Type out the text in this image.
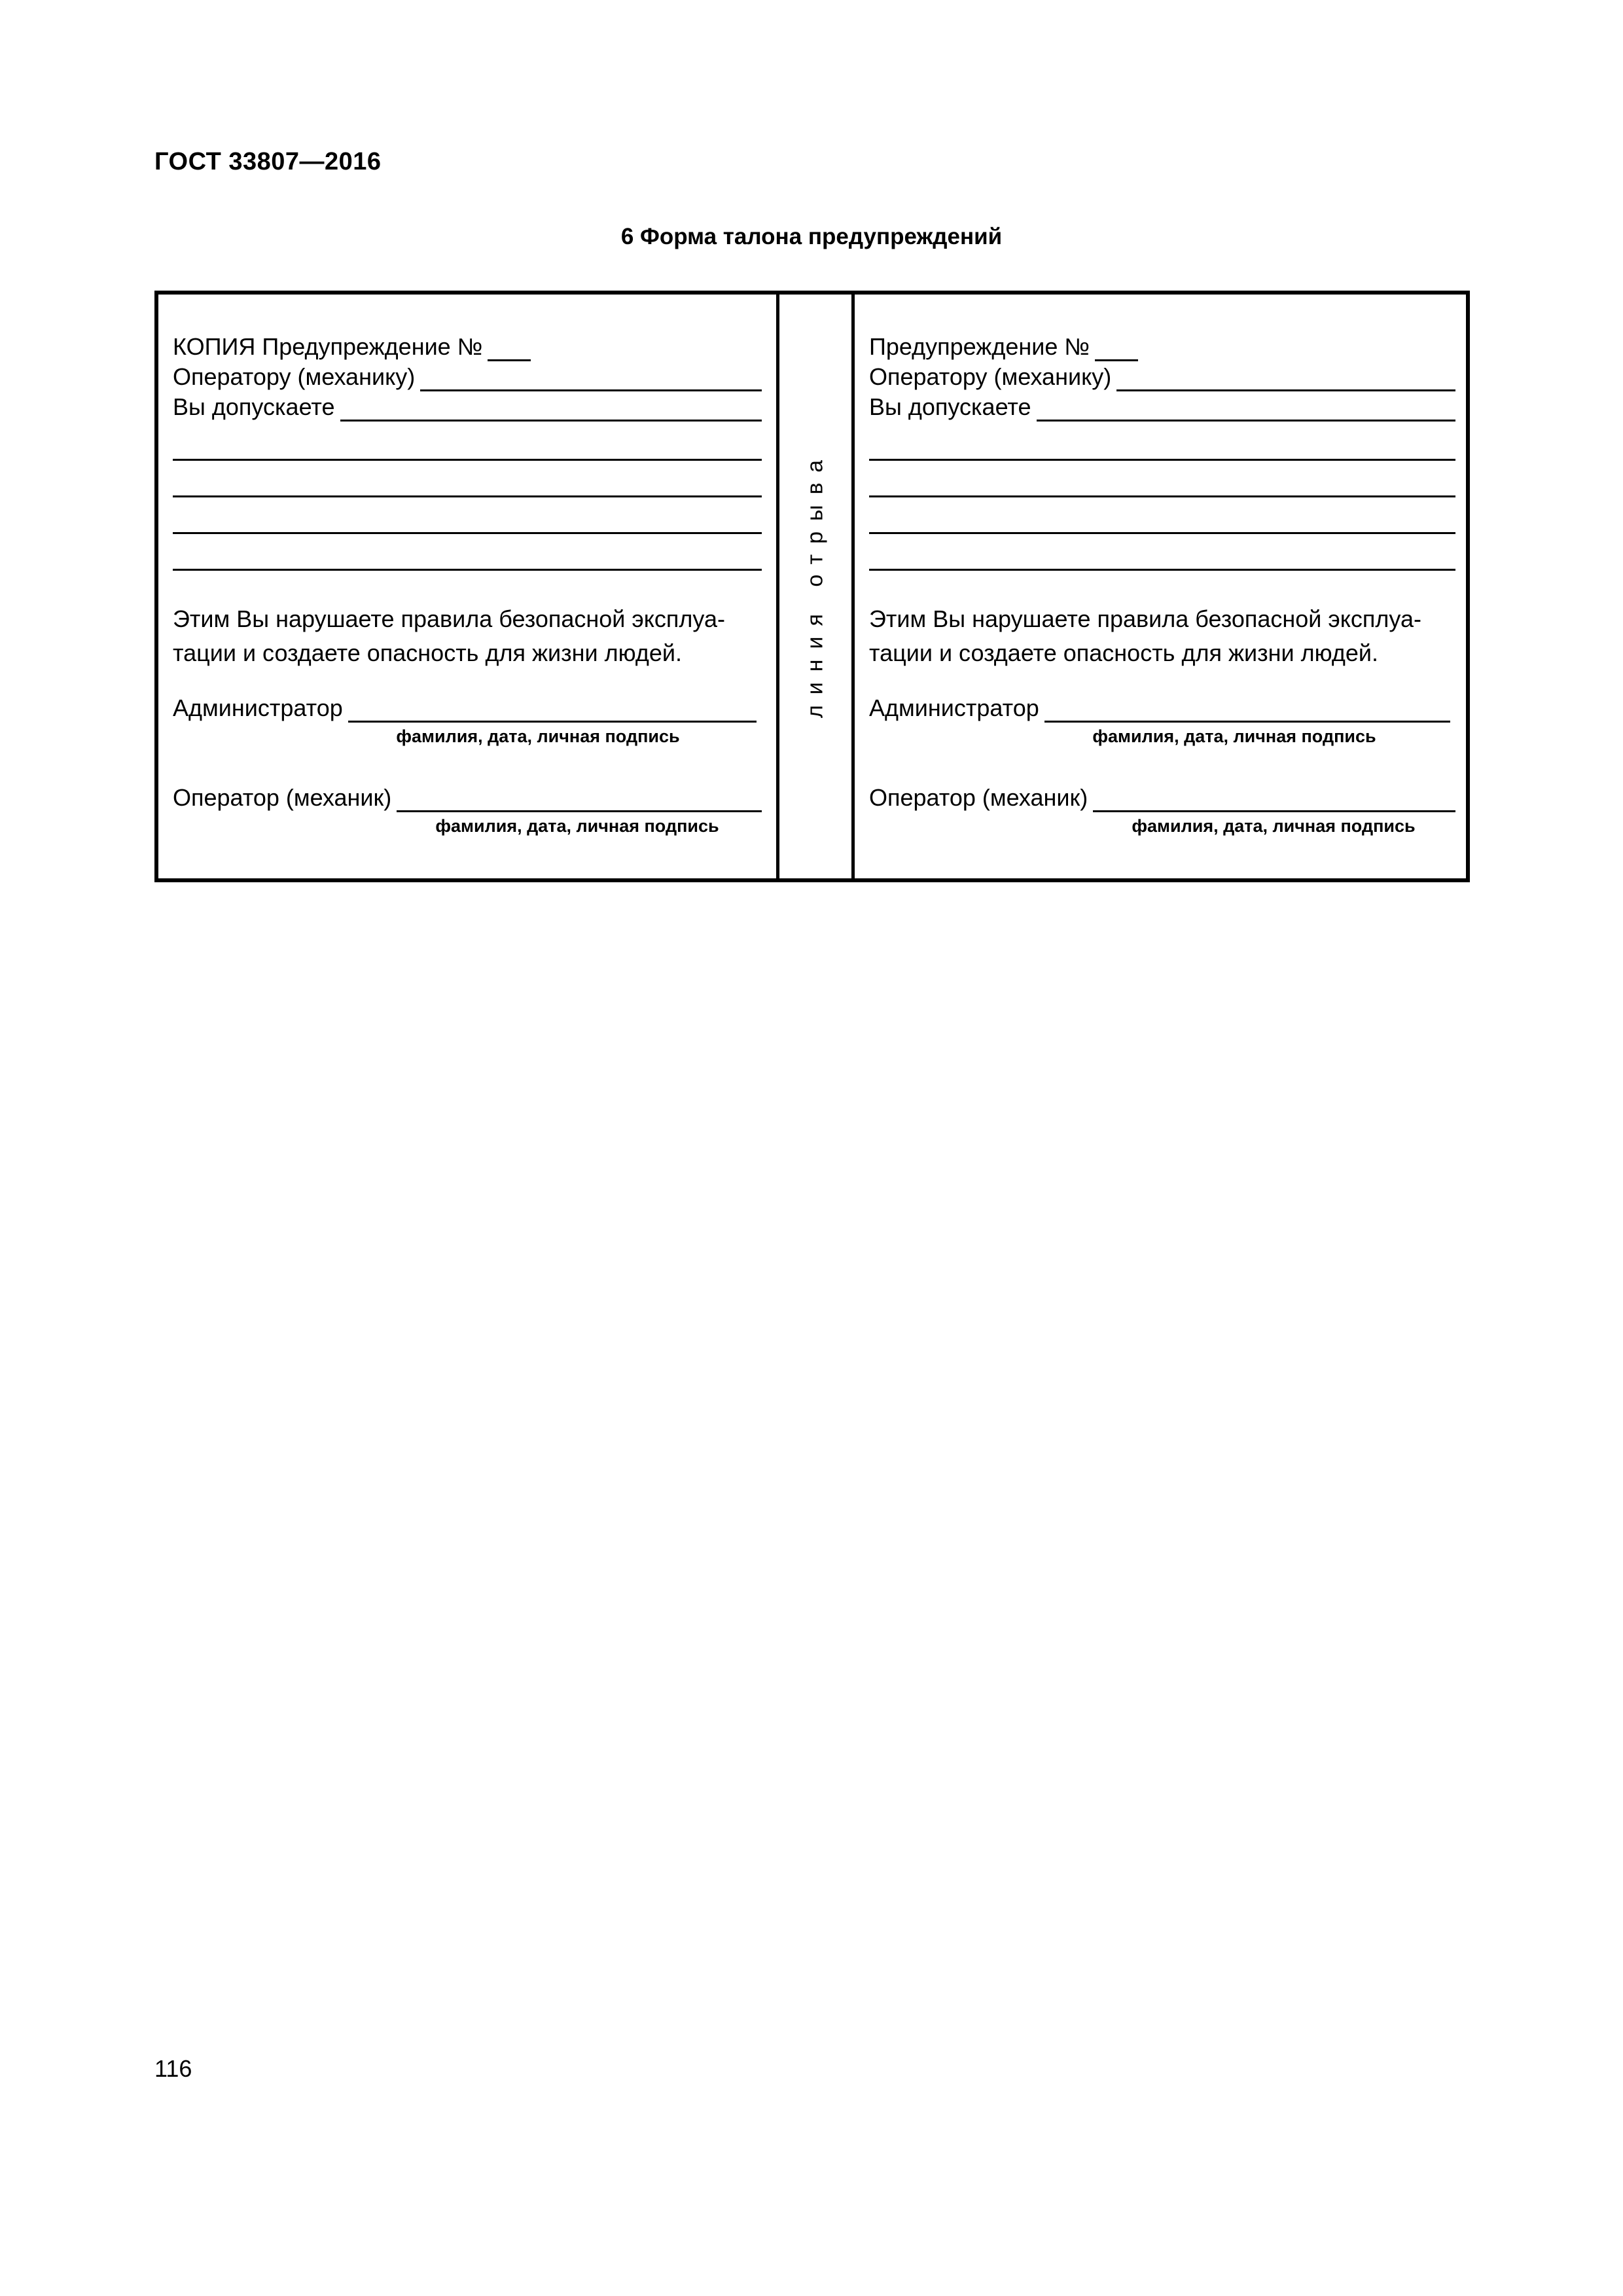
ГОСТ 33807—2016
6 Форма талона предупреждений
КОПИЯ Предупреждение №
Оператору (механику)
Вы допускаете
Этим Вы нарушаете правила безопасной эксплуа-
тации и создаете опасность для жизни людей.
Администратор
фамилия, дата, личная подпись
Оператор (механик)
фамилия, дата, личная подпись
линия отрыва
Предупреждение №
Оператору (механику)
Вы допускаете
Этим Вы нарушаете правила безопасной эксплуа-
тации и создаете опасность для жизни людей.
Администратор
фамилия, дата, личная подпись
Оператор (механик)
фамилия, дата, личная подпись
116
